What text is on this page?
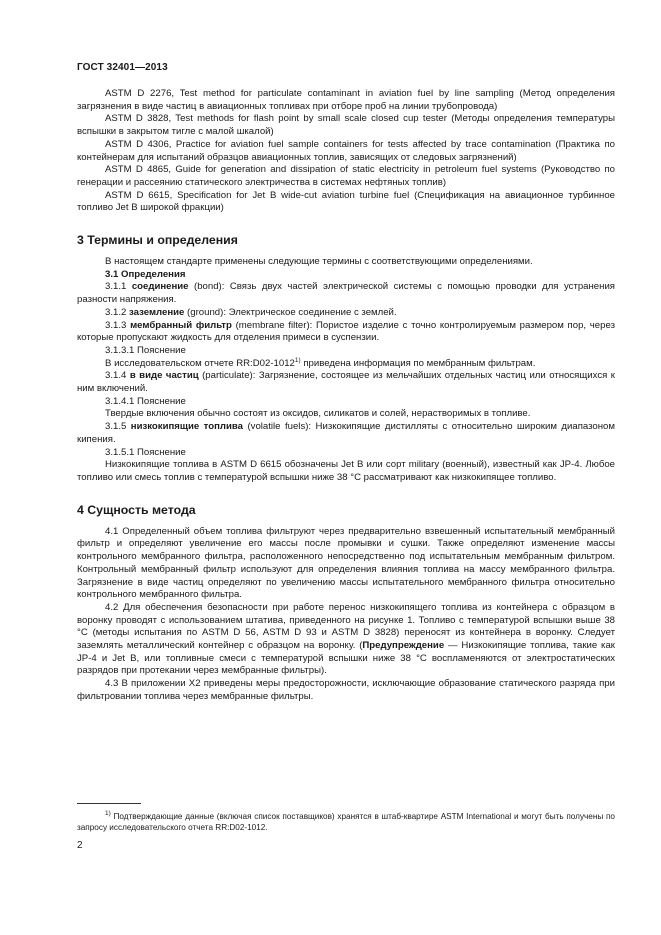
ГОСТ 32401—2013

ASTM D 2276, Test method for particulate contaminant in aviation fuel by line sampling (Метод определения загрязнения в виде частиц в авиационных топливах при отборе проб на линии трубопровода)

ASTM D 3828, Test methods for flash point by small scale closed cup tester (Методы определения температуры вспышки в закрытом тигле с малой шкалой)

ASTM D 4306, Practice for aviation fuel sample containers for tests affected by trace contamination (Практика по контейнерам для испытаний образцов авиационных топлив, зависящих от следовых загрязнений)

ASTM D 4865, Guide for generation and dissipation of static electricity in petroleum fuel systems (Руководство по генерации и рассеянию статического электричества в системах нефтяных топлив)

ASTM D 6615, Specification for Jet B wide-cut aviation turbine fuel (Спецификация на авиационное турбинное топливо Jet B широкой фракции)

3 Термины и определения

В настоящем стандарте применены следующие термины с соответствующими определениями.

3.1 Определения

3.1.1 соединение (bond): Связь двух частей электрической системы с помощью проводки для устранения разности напряжения.

3.1.2 заземление (ground): Электрическое соединение с землей.

3.1.3 мембранный фильтр (membrane filter): Пористое изделие с точно контролируемым размером пор, через которые пропускают жидкость для отделения примеси в суспензии.

3.1.3.1 Пояснение

В исследовательском отчете RR:D02-1012$^{1)}$ приведена информация по мембранным фильтрам.

3.1.4 в виде частиц (particulate): Загрязнение, состоящее из мельчайших отдельных частиц или относящихся к ним включений.

3.1.4.1 Пояснение

Твердые включения обычно состоят из оксидов, силикатов и солей, нерастворимых в топливе.

3.1.5 низкокипящие топлива (volatile fuels): Низкокипящие дистилляты с относительно широким диапазоном кипения.

3.1.5.1 Пояснение

Низкокипящие топлива в ASTM D 6615 обозначены Jet B или сорт military (военный), известный как JP-4. Любое топливо или смесь топлив с температурой вспышки ниже 38 °С рассматривают как низкокипящее топливо.

4 Сущность метода

4.1 Определенный объем топлива фильтруют через предварительно взвешенный испытательный мембранный фильтр и определяют увеличение его массы после промывки и сушки. Также определяют изменение массы контрольного мембранного фильтра, расположенного непосредственно под испытательным мембранным фильтром. Контрольный мембранный фильтр используют для определения влияния топлива на массу мембранного фильтра. Загрязнение в виде частиц определяют по увеличению массы испытательного мембранного фильтра относительно контрольного мембранного фильтра.

4.2 Для обеспечения безопасности при работе перенос низкокипящего топлива из контейнера с образцом в воронку проводят с использованием штатива, приведенного на рисунке 1. Топливо с температурой вспышки выше 38 °С (методы испытания по ASTM D 56, ASTM D 93 и ASTM D 3828) переносят из контейнера в воронку. Следует заземлять металлический контейнер с образцом на воронку. (Предупреждение — Низкокипящие топлива, такие как JP-4 и Jet B, или топливные смеси с температурой вспышки ниже 38 °С воспламеняются от электростатических разрядов при протекании через мембранные фильтры).

4.3 В приложении Х2 приведены меры предосторожности, исключающие образование статического разряда при фильтровании топлива через мембранные фильтры.

$^{1)}$ Подтверждающие данные (включая список поставщиков) хранятся в штаб-квартире ASTM International и могут быть получены по запросу исследовательского отчета RR:D02-1012.
2
